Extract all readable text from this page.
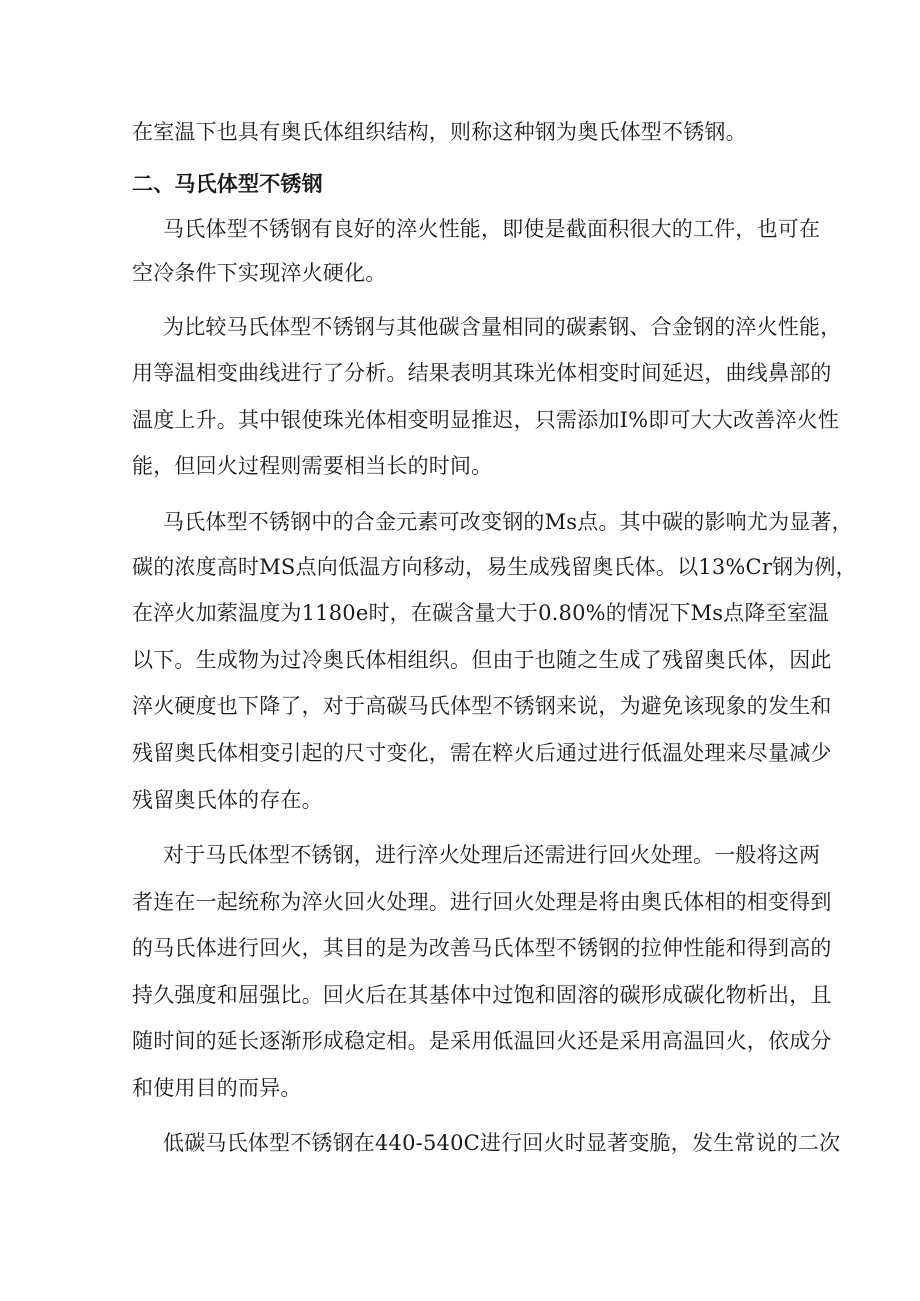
在室温下也具有奥氏体组织结构，则称这种钢为奥氏体型不锈钢。
二、马氏体型不锈钢
马氏体型不锈钢有良好的淬火性能，即使是截面积很大的工件，也可在
空冷条件下实现淬火硬化。
为比较马氏体型不锈钢与其他碳含量相同的碳素钢、合金钢的淬火性能，
用等温相变曲线进行了分析。结果表明其珠光体相变时间延迟，曲线鼻部的
温度上升。其中银使珠光体相变明显推迟，只需添加I%即可大大改善淬火性
能，但回火过程则需要相当长的时间。
马氏体型不锈钢中的合金元素可改变钢的Ms点。其中碳的影响尤为显著，
碳的浓度高时MS点向低温方向移动，易生成残留奥氏体。以13%Cr钢为例，
在淬火加萦温度为1180e时，在碳含量大于0.80%的情况下Ms点降至室温
以下。生成物为过冷奥氏体相组织。但由于也随之生成了残留奥氏体，因此
淬火硬度也下降了，对于高碳马氏体型不锈钢来说，为避免该现象的发生和
残留奥氏体相变引起的尺寸变化，需在粹火后通过进行低温处理来尽量减少
残留奥氏体的存在。
对于马氏体型不锈钢，进行淬火处理后还需进行回火处理。一般将这两
者连在一起统称为淬火回火处理。进行回火处理是将由奥氏体相的相变得到
的马氏体进行回火，其目的是为改善马氏体型不锈钢的拉伸性能和得到高的
持久强度和屈强比。回火后在其基体中过饱和固溶的碳形成碳化物析出，且
随时间的延长逐渐形成稳定相。是采用低温回火还是采用高温回火，依成分
和使用目的而异。
低碳马氏体型不锈钢在440-540C进行回火时显著变脆，发生常说的二次
